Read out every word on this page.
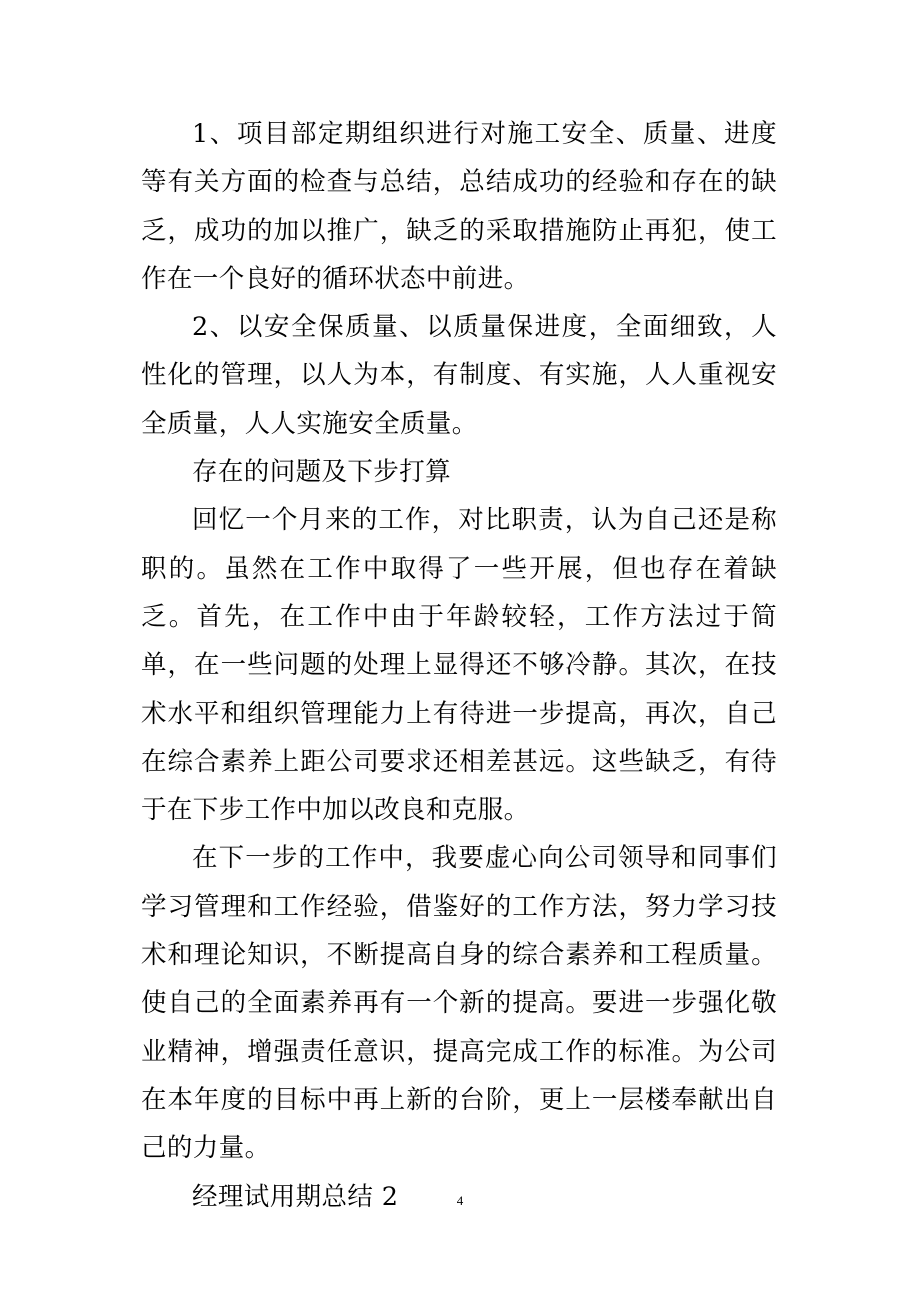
1、项目部定期组织进行对施工安全、质量、进度等有关方面的检查与总结，总结成功的经验和存在的缺乏，成功的加以推广，缺乏的采取措施防止再犯，使工作在一个良好的循环状态中前进。

2、以安全保质量、以质量保进度，全面细致，人性化的管理，以人为本，有制度、有实施，人人重视安全质量，人人实施安全质量。

存在的问题及下步打算

回忆一个月来的工作，对比职责，认为自己还是称职的。虽然在工作中取得了一些开展，但也存在着缺乏。首先，在工作中由于年龄较轻，工作方法过于简单，在一些问题的处理上显得还不够冷静。其次，在技术水平和组织管理能力上有待进一步提高，再次，自己在综合素养上距公司要求还相差甚远。这些缺乏，有待于在下步工作中加以改良和克服。

在下一步的工作中，我要虚心向公司领导和同事们学习管理和工作经验，借鉴好的工作方法，努力学习技术和理论知识，不断提高自身的综合素养和工程质量。使自己的全面素养再有一个新的提高。要进一步强化敬业精神，增强责任意识，提高完成工作的标准。为公司在本年度的目标中再上新的台阶，更上一层楼奉献出自己的力量。

经理试用期总结 2	4
